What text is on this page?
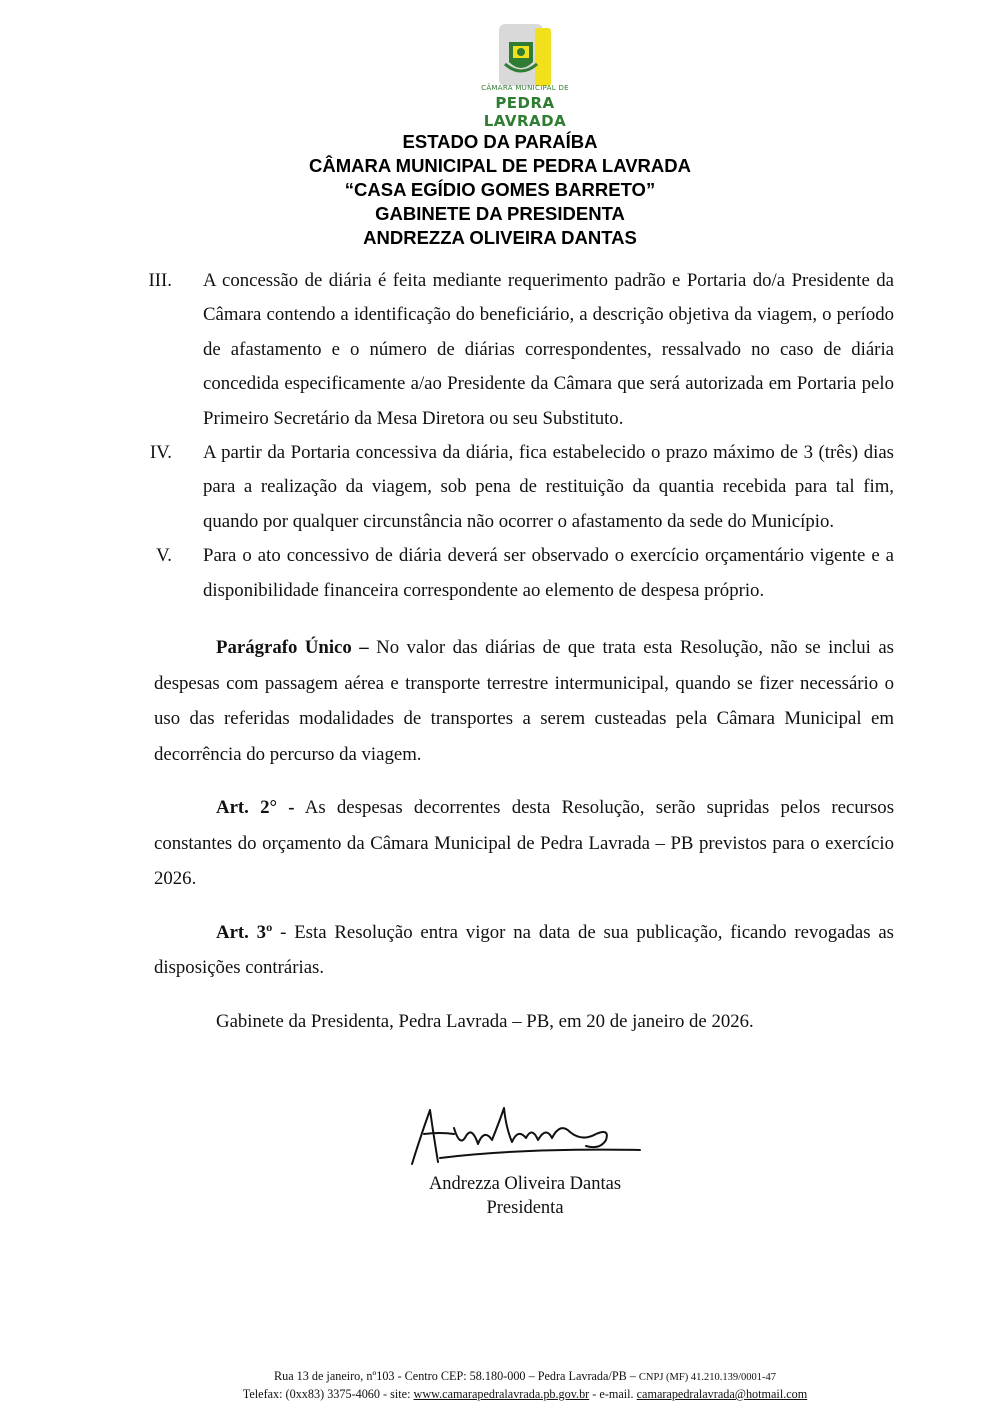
CÂMARA MUNICIPAL DE
PEDRA LAVRADA
ESTADO DA PARAÍBA
CÂMARA MUNICIPAL DE PEDRA LAVRADA
“CASA EGÍDIO GOMES BARRETO”
GABINETE DA PRESIDENTA
ANDREZZA OLIVEIRA DANTAS
III. A concessão de diária é feita mediante requerimento padrão e Portaria do/a Presidente da Câmara contendo a identificação do beneficiário, a descrição objetiva da viagem, o período de afastamento e o número de diárias correspondentes, ressalvado no caso de diária concedida especificamente a/ao Presidente da Câmara que será autorizada em Portaria pelo Primeiro Secretário da Mesa Diretora ou seu Substituto.
IV. A partir da Portaria concessiva da diária, fica estabelecido o prazo máximo de 3 (três) dias para a realização da viagem, sob pena de restituição da quantia recebida para tal fim, quando por qualquer circunstância não ocorrer o afastamento da sede do Município.
V. Para o ato concessivo de diária deverá ser observado o exercício orçamentário vigente e a disponibilidade financeira correspondente ao elemento de despesa próprio.
Parágrafo Único – No valor das diárias de que trata esta Resolução, não se inclui as despesas com passagem aérea e transporte terrestre intermunicipal, quando se fizer necessário o uso das referidas modalidades de transportes a serem custeadas pela Câmara Municipal em decorrência do percurso da viagem.
Art. 2° - As despesas decorrentes desta Resolução, serão supridas pelos recursos constantes do orçamento da Câmara Municipal de Pedra Lavrada – PB previstos para o exercício 2026.
Art. 3º - Esta Resolução entra vigor na data de sua publicação, ficando revogadas as disposições contrárias.
Gabinete da Presidenta, Pedra Lavrada – PB, em 20 de janeiro de 2026.
Andrezza Oliveira Dantas
Presidenta
Rua 13 de janeiro, nº103 - Centro CEP: 58.180-000 – Pedra Lavrada/PB – CNPJ (MF) 41.210.139/0001-47
Telefax: (0xx83) 3375-4060 - site: www.camarapedralavrada.pb.gov.br - e-mail. camarapedralavrada@hotmail.com
